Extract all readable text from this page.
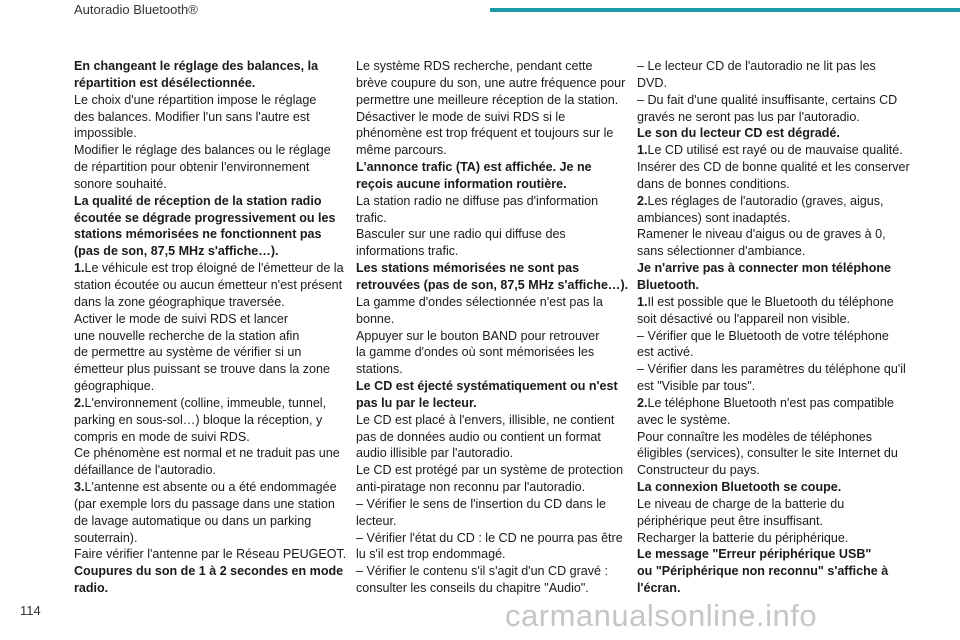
Autoradio Bluetooth®
En changeant le réglage des balances, la
répartition est désélectionnée.
Le choix d'une répartition impose le réglage
des balances. Modifier l'un sans l'autre est
impossible.
Modifier le réglage des balances ou le réglage
de répartition pour obtenir l'environnement
sonore souhaité.
La qualité de réception de la station radio
écoutée se dégrade progressivement ou les
stations mémorisées ne fonctionnent pas
(pas de son, 87,5 MHz s'affiche…).
1.Le véhicule est trop éloigné de l'émetteur de la
station écoutée ou aucun émetteur n'est présent
dans la zone géographique traversée.
Activer le mode de suivi RDS et lancer
une nouvelle recherche de la station afin
de permettre au système de vérifier si un
émetteur plus puissant se trouve dans la zone
géographique.
2.L'environnement (colline, immeuble, tunnel,
parking en sous-sol…) bloque la réception, y
compris en mode de suivi RDS.
Ce phénomène est normal et ne traduit pas une
défaillance de l'autoradio.
3.L'antenne est absente ou a été endommagée
(par exemple lors du passage dans une station
de lavage automatique ou dans un parking
souterrain).
Faire vérifier l'antenne par le Réseau PEUGEOT.
Coupures du son de 1 à 2 secondes en mode
radio.
Le système RDS recherche, pendant cette
brève coupure du son, une autre fréquence pour
permettre une meilleure réception de la station.
Désactiver le mode de suivi RDS si le
phénomène est trop fréquent et toujours sur le
même parcours.
L'annonce trafic (TA) est affichée. Je ne
reçois aucune information routière.
La station radio ne diffuse pas d'information
trafic.
Basculer sur une radio qui diffuse des
informations trafic.
Les stations mémorisées ne sont pas
retrouvées (pas de son, 87,5 MHz s'affiche…).
La gamme d'ondes sélectionnée n'est pas la
bonne.
Appuyer sur le bouton BAND pour retrouver
la gamme d'ondes où sont mémorisées les
stations.
Le CD est éjecté systématiquement ou n'est
pas lu par le lecteur.
Le CD est placé à l'envers, illisible, ne contient
pas de données audio ou contient un format
audio illisible par l'autoradio.
Le CD est protégé par un système de protection
anti-piratage non reconnu par l'autoradio.
– Vérifier le sens de l'insertion du CD dans le
lecteur.
– Vérifier l'état du CD : le CD ne pourra pas être
lu s'il est trop endommagé.
– Vérifier le contenu s'il s'agit d'un CD gravé :
consulter les conseils du chapitre "Audio".
– Le lecteur CD de l'autoradio ne lit pas les
DVD.
– Du fait d'une qualité insuffisante, certains CD
gravés ne seront pas lus par l'autoradio.
Le son du lecteur CD est dégradé.
1.Le CD utilisé est rayé ou de mauvaise qualité.
Insérer des CD de bonne qualité et les conserver
dans de bonnes conditions.
2.Les réglages de l'autoradio (graves, aigus,
ambiances) sont inadaptés.
Ramener le niveau d'aigus ou de graves à 0,
sans sélectionner d'ambiance.
Je n'arrive pas à connecter mon téléphone
Bluetooth.
1.Il est possible que le Bluetooth du téléphone
soit désactivé ou l'appareil non visible.
– Vérifier que le Bluetooth de votre téléphone
est activé.
– Vérifier dans les paramètres du téléphone qu'il
est "Visible par tous".
2.Le téléphone Bluetooth n'est pas compatible
avec le système.
Pour connaître les modèles de téléphones
éligibles (services), consulter le site Internet du
Constructeur du pays.
La connexion Bluetooth se coupe.
Le niveau de charge de la batterie du
périphérique peut être insuffisant.
Recharger la batterie du périphérique.
Le message "Erreur périphérique USB"
ou "Périphérique non reconnu" s'affiche à
l'écran.
114	carmanualsonline.info
